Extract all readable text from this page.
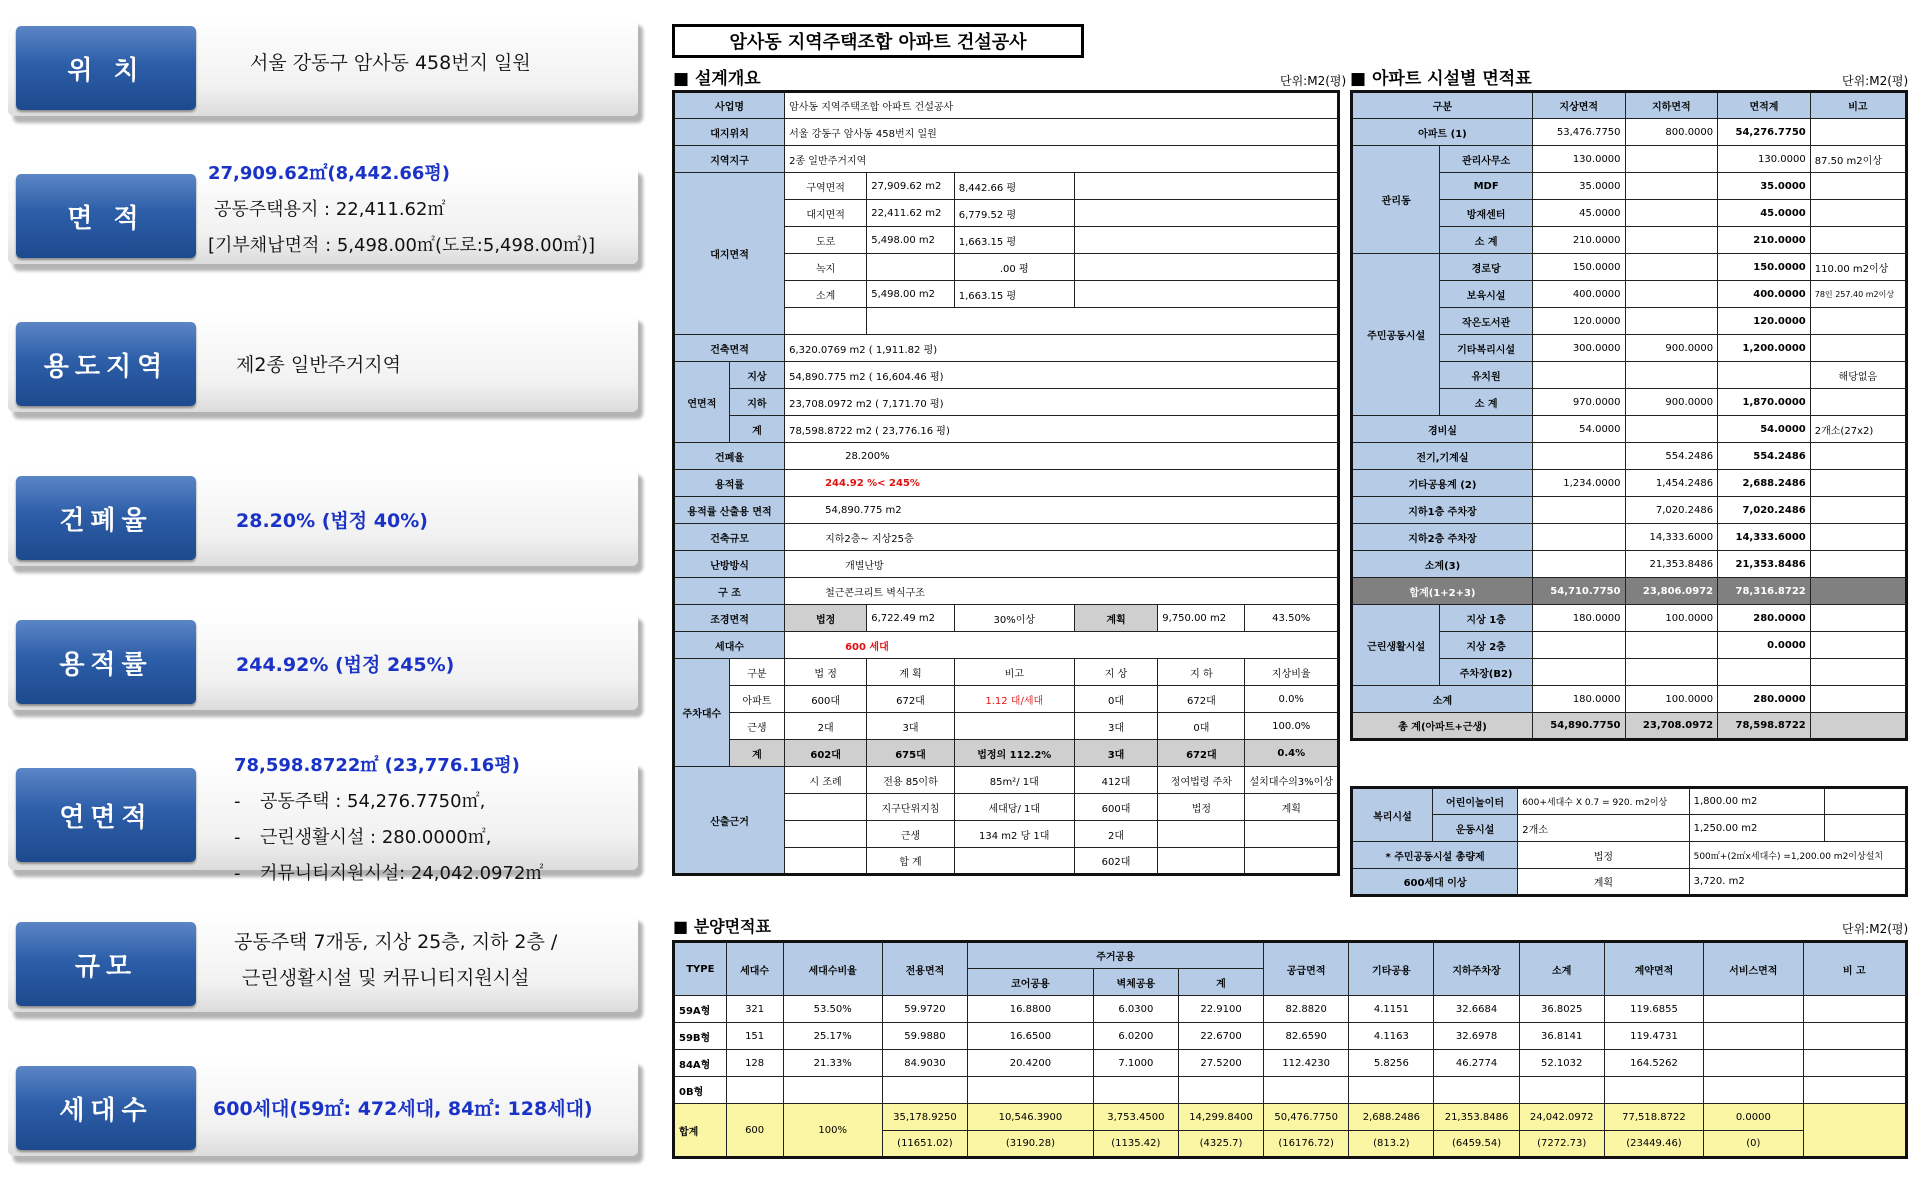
위 치	서울 강동구 암사동 458번지 일원
면 적
27,909.62㎡(8,442.66평)
공동주택용지 : 22,411.62㎡
[기부채납면적 : 5,498.00㎡(도로:5,498.00㎡)]
용도지역	제2종 일반주거지역
건폐율	28.20% (법정 40%)
용적률	244.92% (법정 245%)
연면적
78,598.8722㎡ (23,776.16평)
- 공동주택 : 54,276.7750㎡,
- 근린생활시설 : 280.0000㎡,
- 커뮤니티지원시설: 24,042.0972㎡
규모
공동주택 7개동, 지상 25층, 지하 2층 /
근린생활시설 및 커뮤니티지원시설
세대수	600세대(59㎡: 472세대, 84㎡: 128세대)
암사동 지역주택조합 아파트 건설공사
■ 설계개요	단위:M2(평) ■ 아파트 시설별 면적표	단위:M2(평)
사업명		암사동 지역주택조합 아파트 건설공사					
대지위치		서울 강동구 암사동 458번지 일원					
지역지구		2종 일반주거지역					
대지면적		구역면적	27,909.62 m2	8,442.66 평			
		대지면적	22,411.62 m2	6,779.52 평			
		도로	5,498.00 m2	1,663.15 평			
		녹지		.00 평			
		소계	5,498.00 m2	1,663.15 평			

건축면적		6,320.0769 m2 ( 1,911.82 평)					
연면적	지상	54,890.775 m2 ( 16,604.46 평)					
	지하	23,708.0972 m2 ( 7,171.70 평)					
	계	78,598.8722 m2 ( 23,776.16 평)					
건폐율		28.200%					
용적률		244.92 %< 245%					
용적률 산출용 면적		54,890.775 m2					
건축규모		지하2층~ 지상25층					
난방방식		개별난방					
구 조		철근콘크리트 벽식구조					
조경면적		법정	6,722.49 m2	30%이상	계획	9,750.00 m2	43.50%
세대수		600 세대					
주차대수	구분	법 정	계 획	비고	지 상	지 하	지상비율
	아파트	600대	672대	1.12 대/세대	0대	672대	0.0%
	근생	2대	3대		3대	0대	100.0%
	계	602대	675대	법정의 112.2%	3대	672대	0.4%
산출근거		시 조례	전용 85이하	85m²/ 1대	412대	정여법령 주차	설치대수의3%이상
			지구단위지침	세대당/ 1대	600대	법정	계획
			근생	134 m2 당 1대	2대		
			합 계		602대		
구분		지상면적	지하면적	면적계	비고
아파트 (1)		53,476.7750	800.0000	54,276.7750	
관리동	관리사무소	130.0000		130.0000	87.50 m2이상
	MDF	35.0000		35.0000	
	방재센터	45.0000		45.0000	
	소 계	210.0000		210.0000	
주민공동시설	경로당	150.0000		150.0000	110.00 m2이상
	보육시설	400.0000		400.0000	78인 257.40 m2이상
	작은도서관	120.0000		120.0000	
	기타복리시설	300.0000	900.0000	1,200.0000	
	유치원				해당없음
	소 계	970.0000	900.0000	1,870.0000	
경비실		54.0000		54.0000	2개소(27x2)
전기,기계실			554.2486	554.2486	
기타공용계 (2)		1,234.0000	1,454.2486	2,688.2486	
지하1층 주차장			7,020.2486	7,020.2486	
지하2층 주차장			14,333.6000	14,333.6000	
소계(3)			21,353.8486	21,353.8486	
합계(1+2+3)		54,710.7750	23,806.0972	78,316.8722	
근린생활시설	지상 1층	180.0000	100.0000	280.0000	
	지상 2층			0.0000	
	주차장(B2)				
소계		180.0000	100.0000	280.0000	
총 계(아파트+근생)		54,890.7750	23,708.0972	78,598.8722	
복리시설	어린이놀이터	600+세대수 X 0.7 = 920. m2이상	1,800.00 m2	
	운동시설	2개소	1,250.00 m2	
* 주민공동시설 총량제		법정	500㎡+(2㎡x세대수) =1,200.00 m2이상설치	
600세대 이상		계획	3,720. m2	
■ 분양면적표	단위:M2(평)
TYPE	세대수	세대수비율	전용면적	주거공용			공급면적	기타공용	지하주차장	소계	계약면적	서비스면적	비 고
				코어공용	벽체공용	계						
59A형	321	53.50%	59.9720	16.8800	6.0300	22.9100	82.8820	4.1151	32.6684	36.8025	119.6855		
59B형	151	25.17%	59.9880	16.6500	6.0200	22.6700	82.6590	4.1163	32.6978	36.8141	119.4731		
84A형	128	21.33%	84.9030	20.4200	7.1000	27.5200	112.4230	5.8256	46.2774	52.1032	164.5262		
0B형													
합계	600	100%	35,178.9250	10,546.3900	3,753.4500	14,299.8400	50,476.7750	2,688.2486	21,353.8486	24,042.0972	77,518.8722	0.0000	
			(11651.02)	(3190.28)	(1135.42)	(4325.7)	(16176.72)	(813.2)	(6459.54)	(7272.73)	(23449.46)	(0)	
